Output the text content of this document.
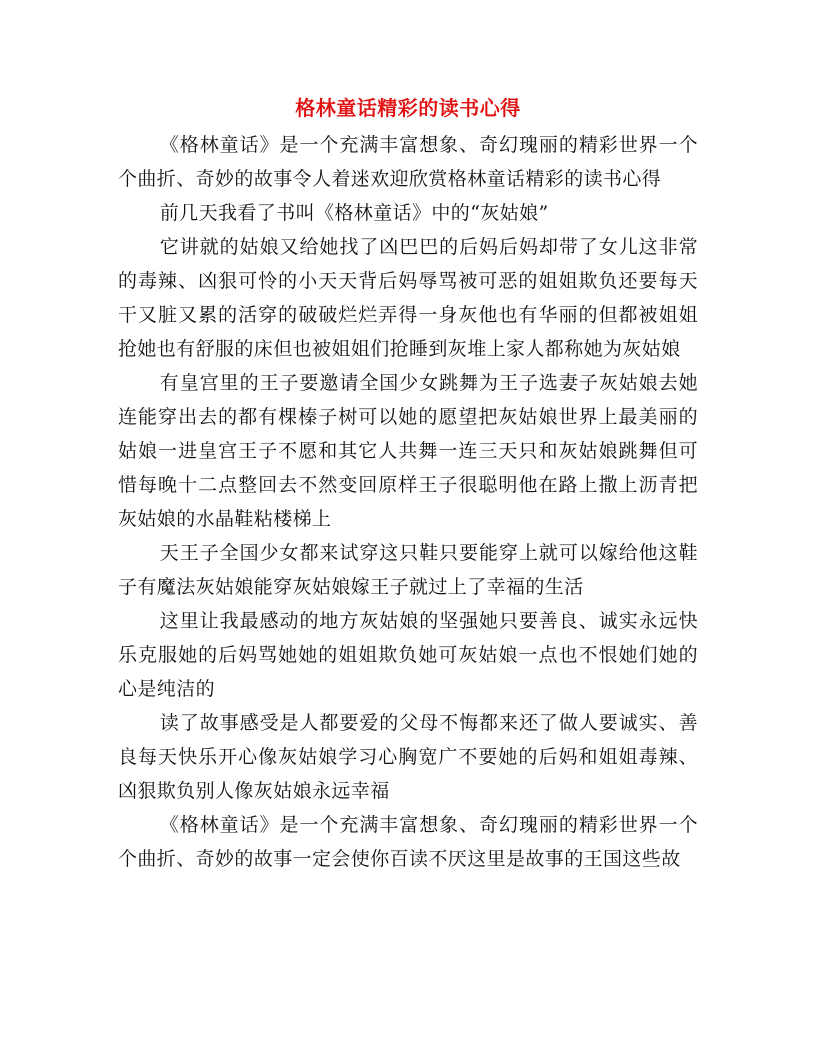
格林童话精彩的读书心得

《格林童话》是一个充满丰富想象、奇幻瑰丽的精彩世界一个个曲折、奇妙的故事令人着迷欢迎欣赏格林童话精彩的读书心得

前几天我看了书叫《格林童话》中的“灰姑娘”

它讲就的姑娘又给她找了凶巴巴的后妈后妈却带了女儿这非常的毒辣、凶狠可怜的小天天背后妈辱骂被可恶的姐姐欺负还要每天干又脏又累的活穿的破破烂烂弄得一身灰他也有华丽的但都被姐姐抢她也有舒服的床但也被姐姐们抢睡到灰堆上家人都称她为灰姑娘

有皇宫里的王子要邀请全国少女跳舞为王子选妻子灰姑娘去她连能穿出去的都有棵榛子树可以她的愿望把灰姑娘世界上最美丽的姑娘一进皇宫王子不愿和其它人共舞一连三天只和灰姑娘跳舞但可惜每晚十二点整回去不然变回原样王子很聪明他在路上撒上沥青把灰姑娘的水晶鞋粘楼梯上

天王子全国少女都来试穿这只鞋只要能穿上就可以嫁给他这鞋子有魔法灰姑娘能穿灰姑娘嫁王子就过上了幸福的生活

这里让我最感动的地方灰姑娘的坚强她只要善良、诚实永远快乐克服她的后妈骂她她的姐姐欺负她可灰姑娘一点也不恨她们她的心是纯洁的

读了故事感受是人都要爱的父母不悔都来还了做人要诚实、善良每天快乐开心像灰姑娘学习心胸宽广不要她的后妈和姐姐毒辣、凶狠欺负别人像灰姑娘永远幸福

《格林童话》是一个充满丰富想象、奇幻瑰丽的精彩世界一个个曲折、奇妙的故事一定会使你百读不厌这里是故事的王国这些故
